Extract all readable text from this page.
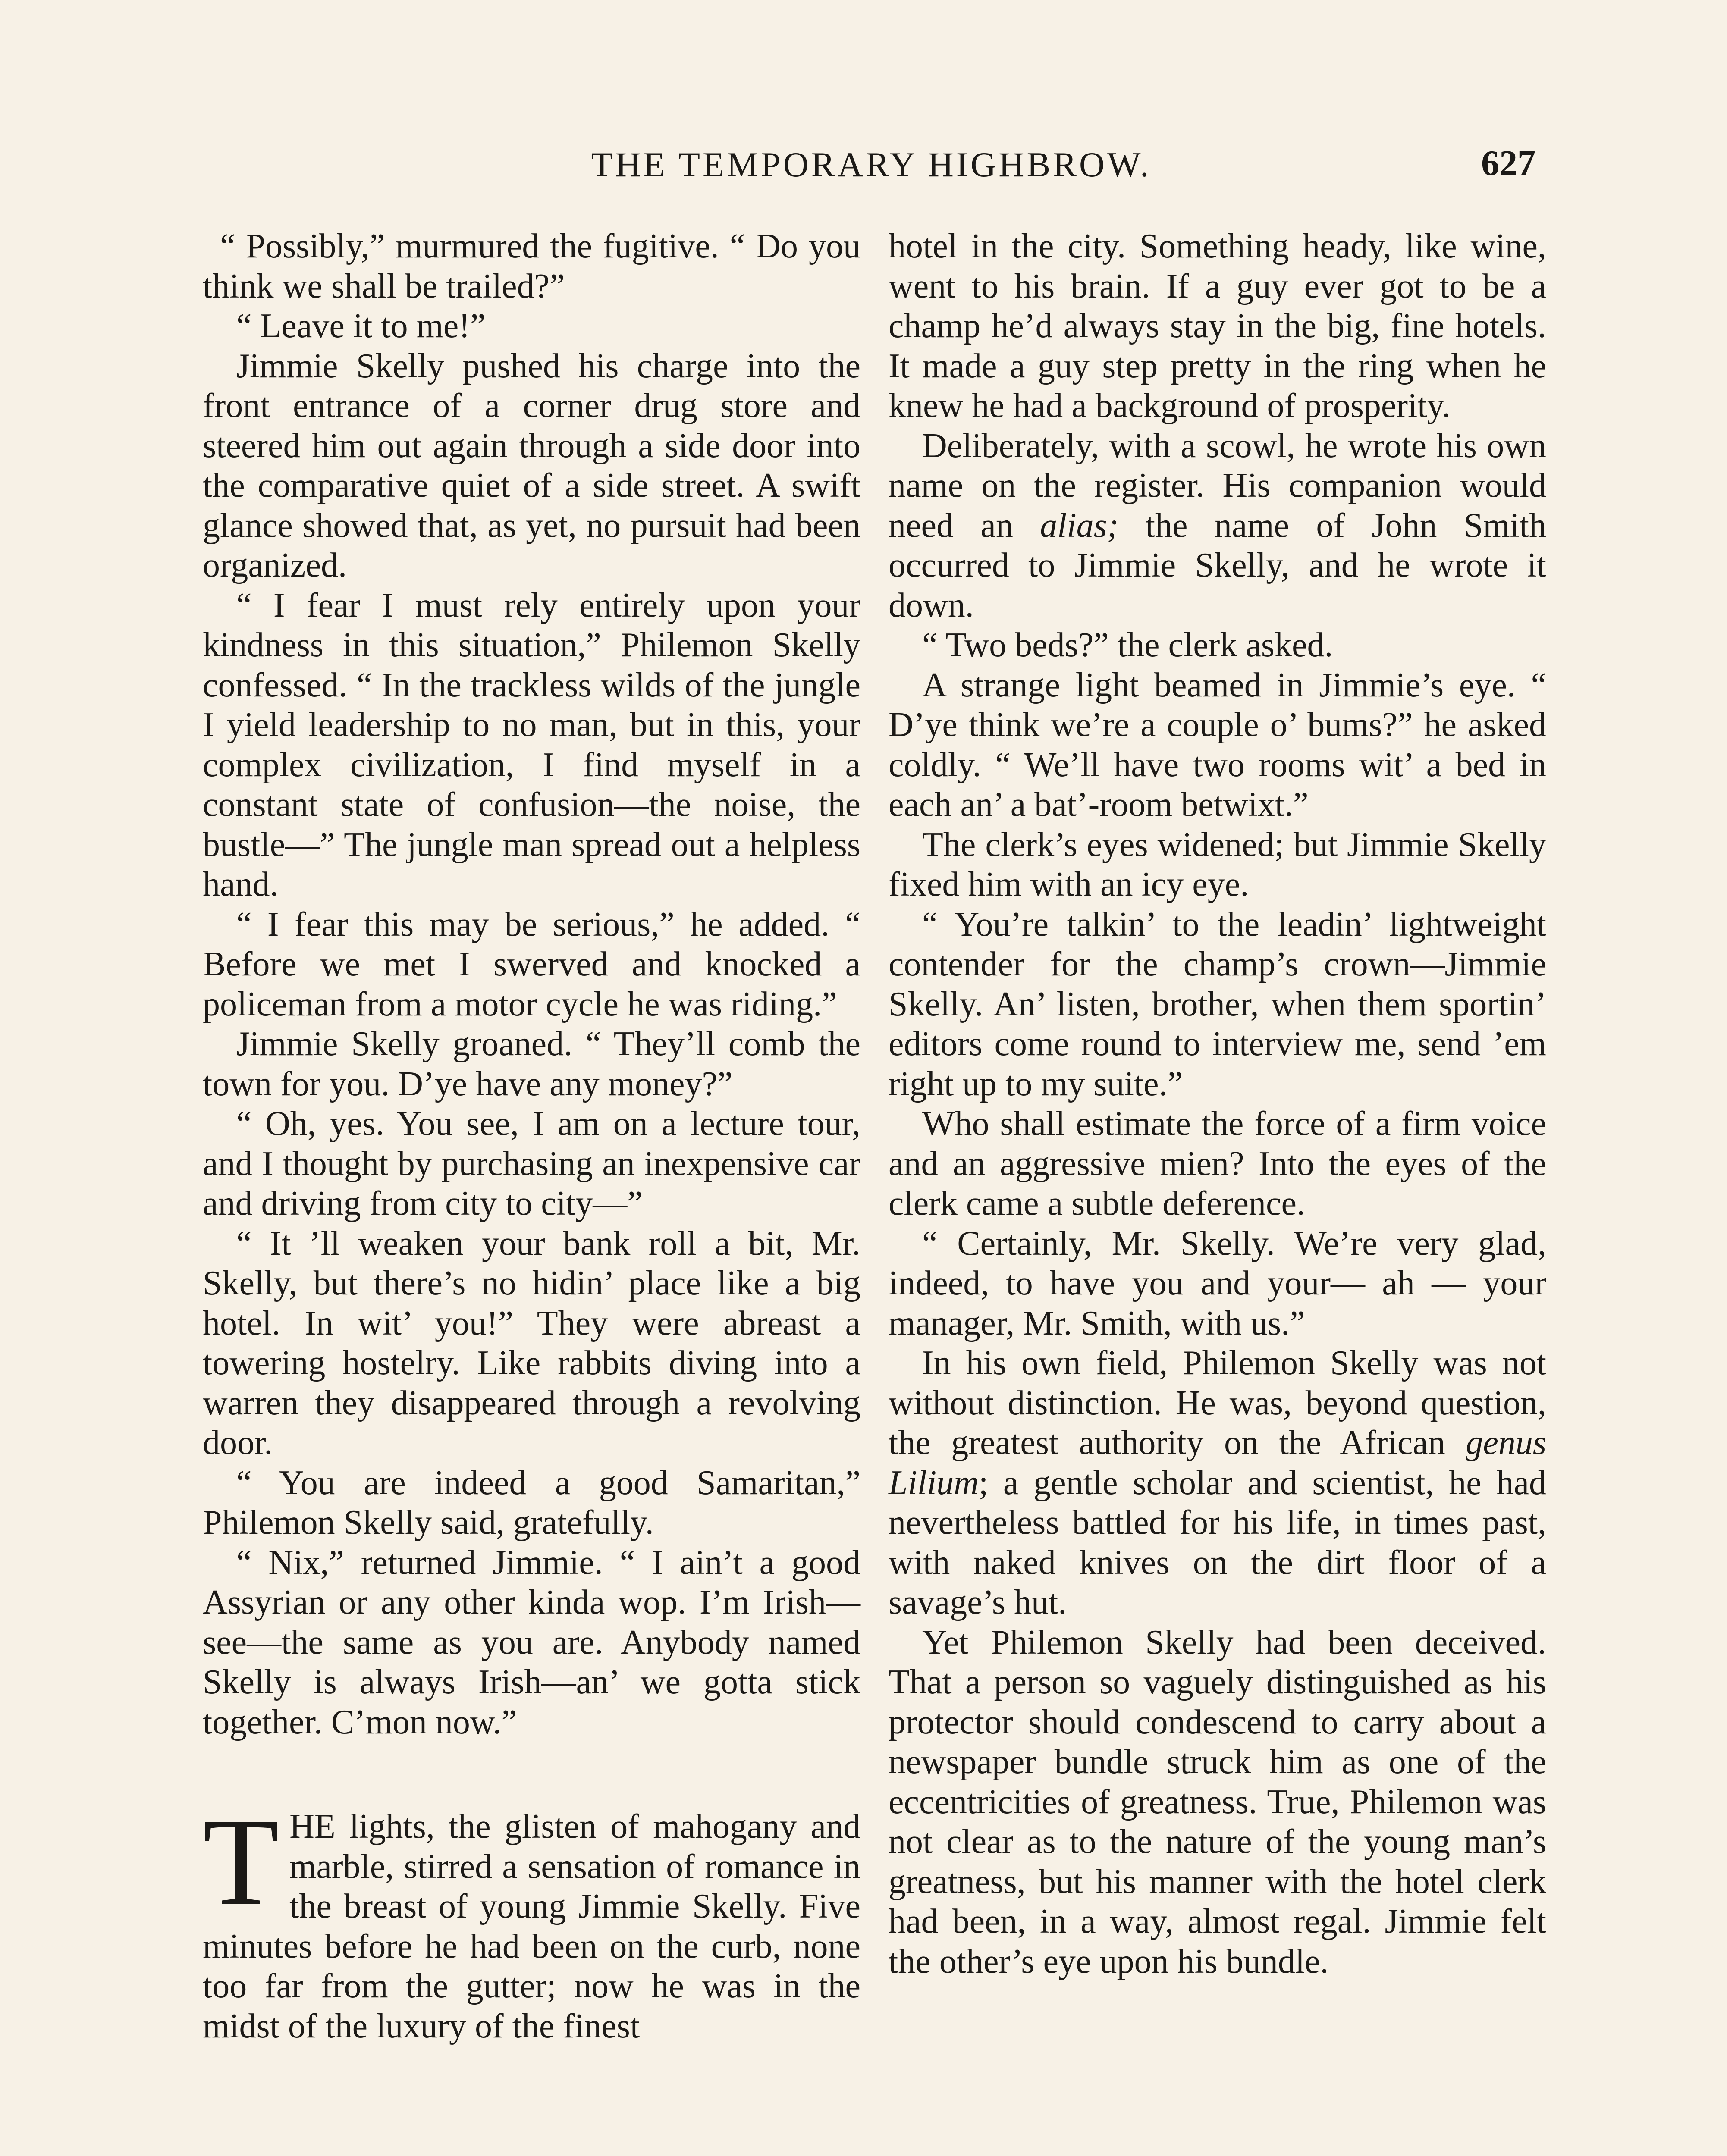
THE TEMPORARY HIGHBROW.	627

“ Possibly,” murmured the fugitive. “ Do you think we shall be trailed?”

“ Leave it to me!”

Jimmie Skelly pushed his charge into the front entrance of a corner drug store and steered him out again through a side door into the comparative quiet of a side street. A swift glance showed that, as yet, no pursuit had been organized.

“ I fear I must rely entirely upon your kindness in this situation,” Philemon Skelly confessed. “ In the trackless wilds of the jungle I yield leadership to no man, but in this, your complex civilization, I find myself in a constant state of confusion—the noise, the bustle—” The jungle man spread out a helpless hand.

“ I fear this may be serious,” he added. “ Before we met I swerved and knocked a policeman from a motor cycle he was riding.”

Jimmie Skelly groaned. “ They’ll comb the town for you. D’ye have any money?”

“ Oh, yes. You see, I am on a lecture tour, and I thought by purchasing an inexpensive car and driving from city to city—”

“ It ’ll weaken your bank roll a bit, Mr. Skelly, but there’s no hidin’ place like a big hotel. In wit’ you!” They were abreast a towering hostelry. Like rabbits diving into a warren they disappeared through a revolving door.

“ You are indeed a good Samaritan,” Philemon Skelly said, gratefully.

“ Nix,” returned Jimmie. “ I ain’t a good Assyrian or any other kinda wop. I’m Irish—see—the same as you are. Anybody named Skelly is always Irish—an’ we gotta stick together. C’mon now.”

THE lights, the glisten of mahogany and marble, stirred a sensation of romance in the breast of young Jimmie Skelly. Five minutes before he had been on the curb, none too far from the gutter; now he was in the midst of the luxury of the finest

hotel in the city. Something heady, like wine, went to his brain. If a guy ever got to be a champ he’d always stay in the big, fine hotels. It made a guy step pretty in the ring when he knew he had a background of prosperity.

Deliberately, with a scowl, he wrote his own name on the register. His companion would need an alias; the name of John Smith occurred to Jimmie Skelly, and he wrote it down.

“ Two beds?” the clerk asked.

A strange light beamed in Jimmie’s eye. “ D’ye think we’re a couple o’ bums?” he asked coldly. “ We’ll have two rooms wit’ a bed in each an’ a bat’-room betwixt.”

The clerk’s eyes widened; but Jimmie Skelly fixed him with an icy eye.

“ You’re talkin’ to the leadin’ lightweight contender for the champ’s crown—Jimmie Skelly. An’ listen, brother, when them sportin’ editors come round to interview me, send ’em right up to my suite.”

Who shall estimate the force of a firm voice and an aggressive mien? Into the eyes of the clerk came a subtle deference.

“ Certainly, Mr. Skelly. We’re very glad, indeed, to have you and your— ah — your manager, Mr. Smith, with us.”

In his own field, Philemon Skelly was not without distinction. He was, beyond question, the greatest authority on the African genus Lilium; a gentle scholar and scientist, he had nevertheless battled for his life, in times past, with naked knives on the dirt floor of a savage’s hut.

Yet Philemon Skelly had been deceived. That a person so vaguely distinguished as his protector should condescend to carry about a newspaper bundle struck him as one of the eccentricities of greatness. True, Philemon was not clear as to the nature of the young man’s greatness, but his manner with the hotel clerk had been, in a way, almost regal. Jimmie felt the other’s eye upon his bundle.
